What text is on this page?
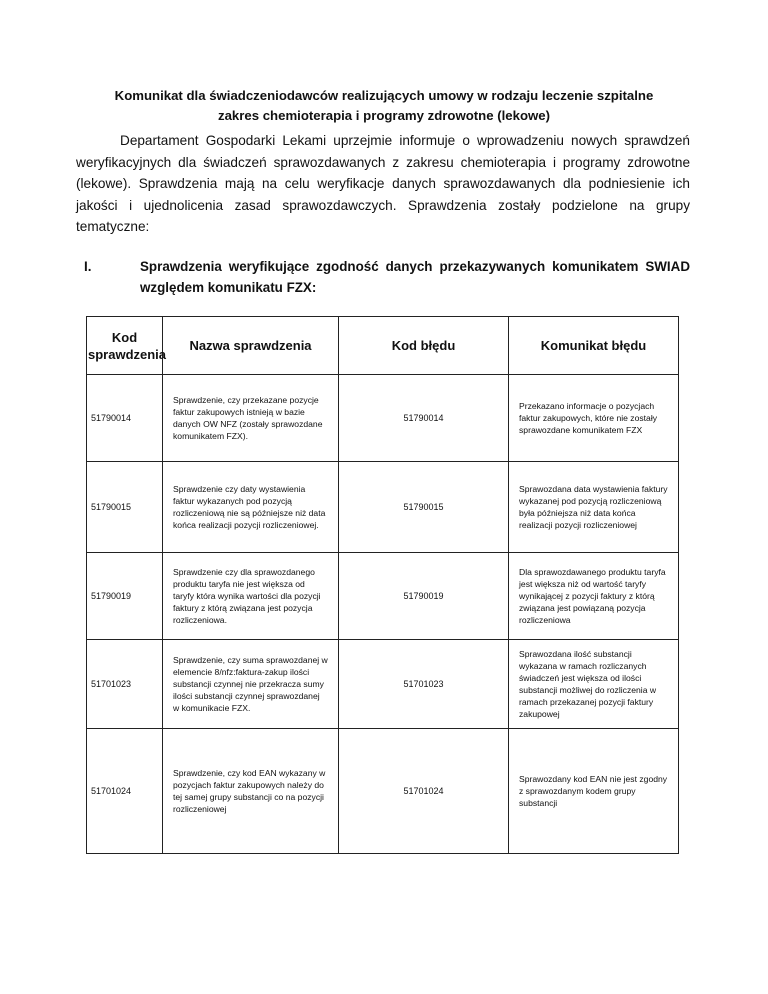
Komunikat dla świadczeniodawców realizujących umowy w rodzaju leczenie szpitalne zakres chemioterapia i programy zdrowotne (lekowe)
Departament Gospodarki Lekami uprzejmie informuje o wprowadzeniu nowych sprawdzeń weryfikacyjnych dla świadczeń sprawozdawanych z zakresu chemioterapia i programy zdrowotne (lekowe). Sprawdzenia mają na celu weryfikacje danych sprawozdawanych dla podniesienie ich jakości i ujednolicenia zasad sprawozdawczych. Sprawdzenia zostały podzielone na grupy tematyczne:
I.	Sprawdzenia weryfikujące zgodność danych przekazywanych komunikatem SWIAD względem komunikatu FZX:
Kod sprawdzenia	Nazwa sprawdzenia	Kod błędu	Komunikat błędu
51790014	Sprawdzenie, czy przekazane pozycje faktur zakupowych istnieją w bazie danych OW NFZ (zostały sprawozdane komunikatem FZX).	51790014	Przekazano informacje o pozycjach faktur zakupowych, które nie zostały sprawozdane komunikatem FZX
51790015	Sprawdzenie czy daty wystawienia faktur wykazanych pod pozycją rozliczeniową nie są późniejsze niż data końca realizacji pozycji rozliczeniowej.	51790015	Sprawozdana data wystawienia faktury wykazanej pod pozycją rozliczeniową była późniejsza niż data końca realizacji pozycji rozliczeniowej
51790019	Sprawdzenie czy dla sprawozdanego produktu taryfa nie jest większa od taryfy która wynika wartości dla pozycji faktury z którą związana jest pozycja rozliczeniowa.	51790019	Dla sprawozdawanego produktu taryfa jest większa niż od wartość taryfy wynikającej z pozycji faktury z którą związana jest powiązaną pozycja rozliczeniowa
51701023	Sprawdzenie, czy suma sprawozdanej w elemencie 8/nfz:faktura-zakup ilości substancji czynnej nie przekracza sumy ilości substancji czynnej sprawozdanej w komunikacie FZX.	51701023	Sprawozdana ilość substancji wykazana w ramach rozliczanych świadczeń jest większa od ilości substancji możliwej do rozliczenia w ramach przekazanej pozycji faktury zakupowej
51701024	Sprawdzenie, czy kod EAN wykazany w pozycjach faktur zakupowych należy do tej samej grupy substancji co na pozycji rozliczeniowej	51701024	Sprawozdany kod EAN nie jest zgodny z sprawozdanym kodem grupy substancji
